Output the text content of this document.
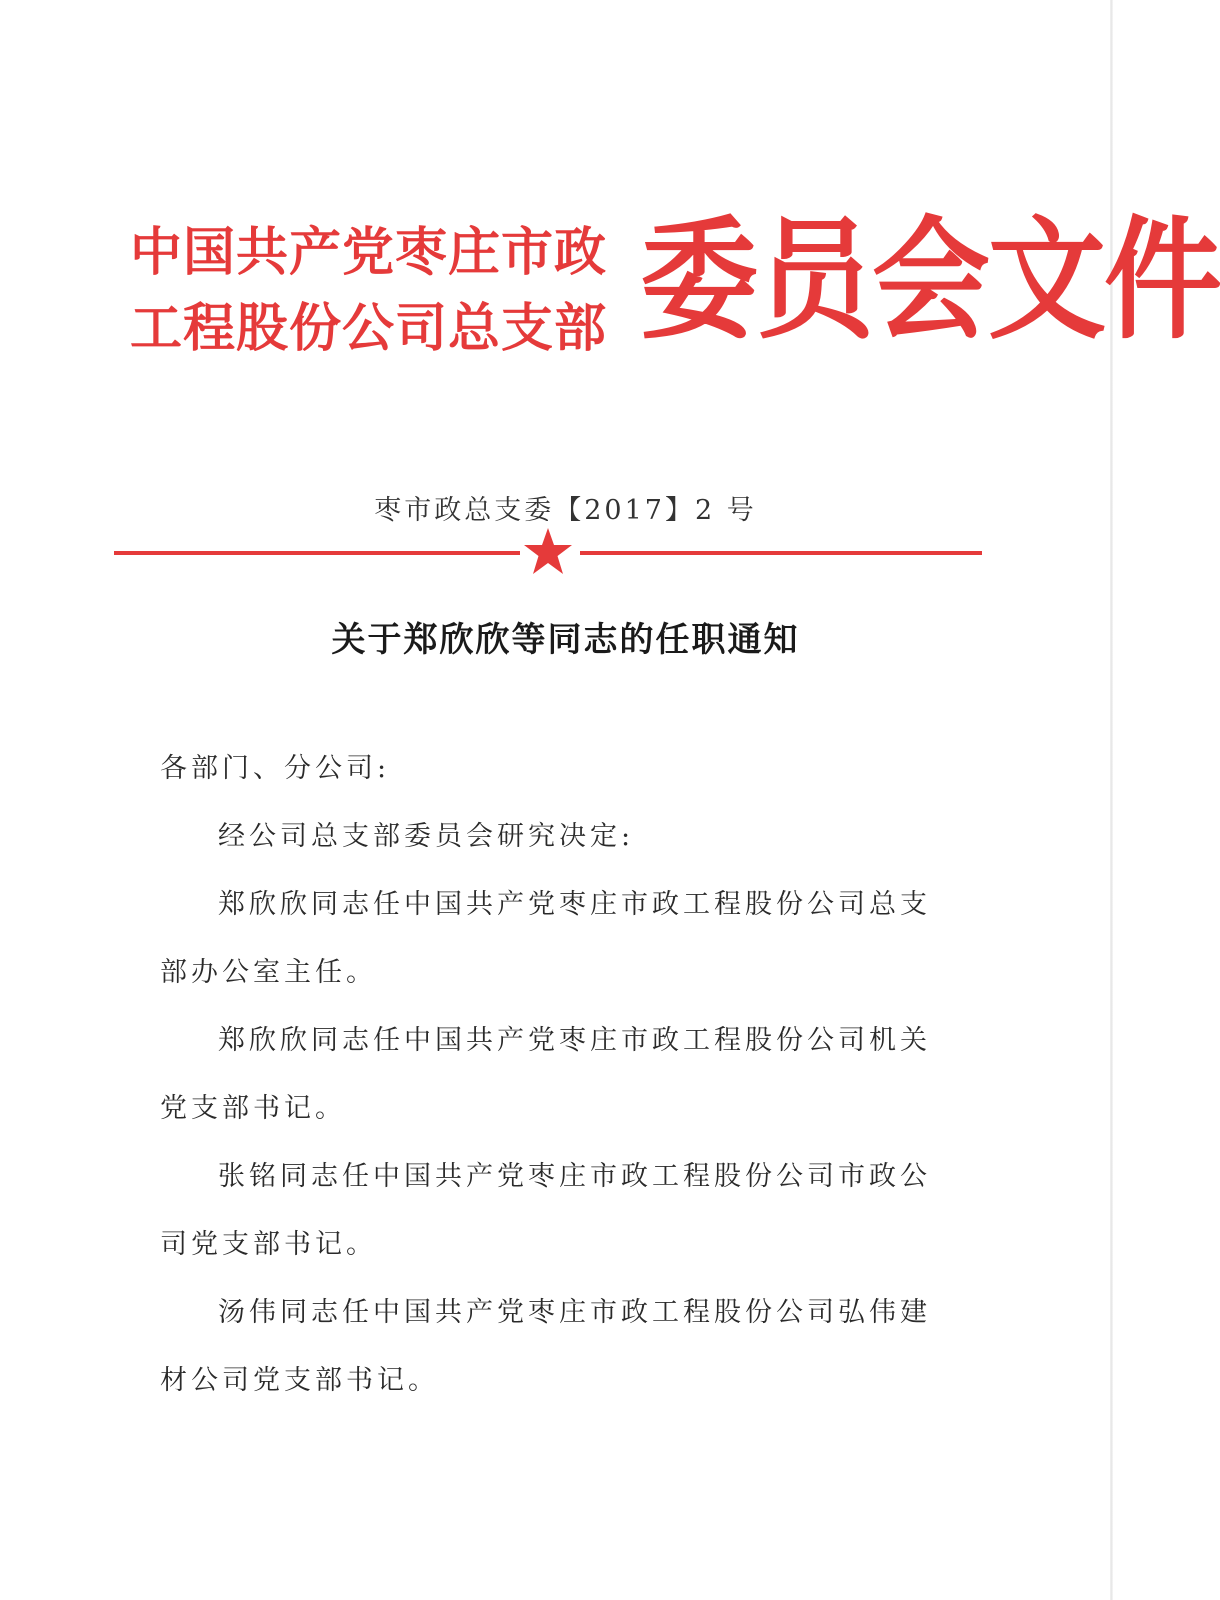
中国共产党枣庄市政
工程股份公司总支部 委员会文件
枣市政总支委【2017】2 号
关于郑欣欣等同志的任职通知

各部门、分公司:

经公司总支部委员会研究决定:

郑欣欣同志任中国共产党枣庄市政工程股份公司总支部办公室主任。

郑欣欣同志任中国共产党枣庄市政工程股份公司机关党支部书记。

张铭同志任中国共产党枣庄市政工程股份公司市政公司党支部书记。

汤伟同志任中国共产党枣庄市政工程股份公司弘伟建材公司党支部书记。
